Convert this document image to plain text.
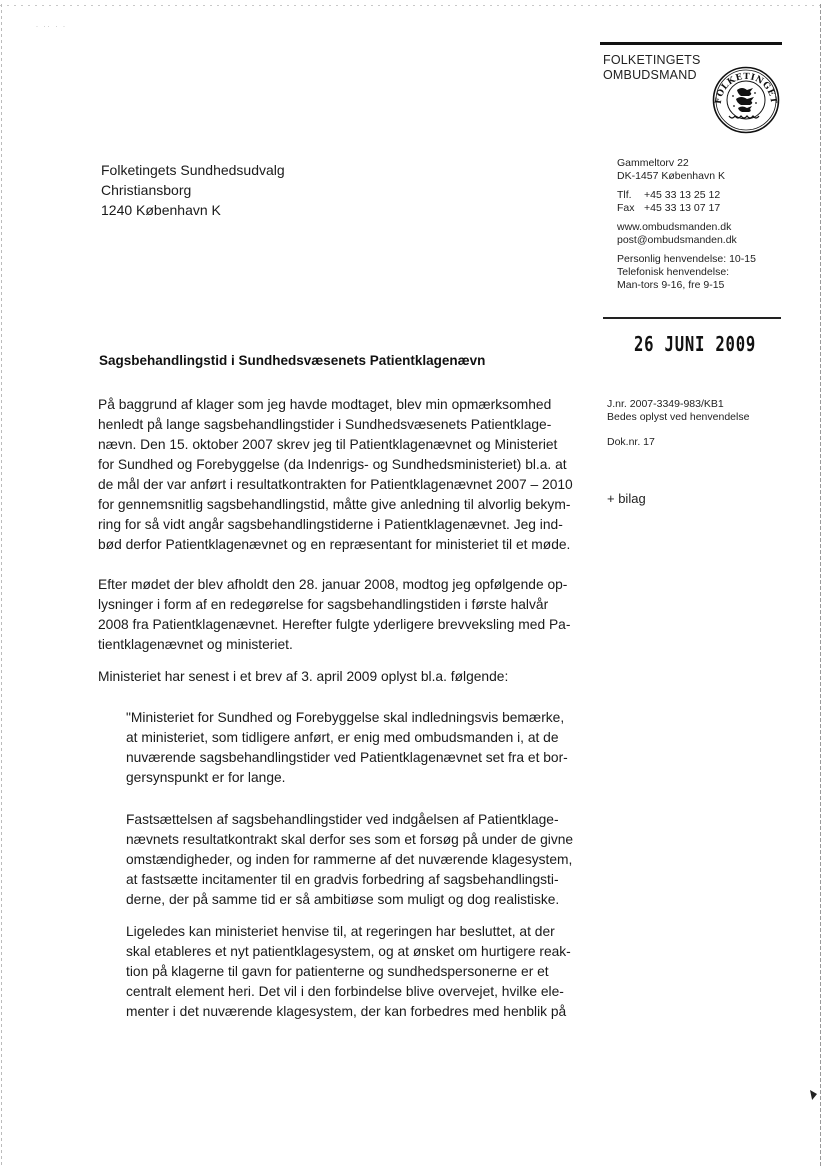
· ·· · ·
FOLKETINGETS
OMBUDSMAND
FOLKETINGET
Folketingets Sundhedsudvalg
Christiansborg
1240 København K
Gammeltorv 22
DK-1457 København K
Tlf. +45 33 13 25 12
Fax +45 33 13 07 17
www.ombudsmanden.dk
post@ombudsmanden.dk
Personlig henvendelse: 10-15
Telefonisk henvendelse:
Man-tors 9-16, fre 9-15
26 JUNI 2009
J.nr. 2007-3349-983/KB1
Bedes oplyst ved henvendelse
Dok.nr. 17
+ bilag
Sagsbehandlingstid i Sundhedsvæsenets Patientklagenævn
På baggrund af klager som jeg havde modtaget, blev min opmærksomhed
henledt på lange sagsbehandlingstider i Sundhedsvæsenets Patientklage-
nævn. Den 15. oktober 2007 skrev jeg til Patientklagenævnet og Ministeriet
for Sundhed og Forebyggelse (da Indenrigs- og Sundhedsministeriet) bl.a. at
de mål der var anført i resultatkontrakten for Patientklagenævnet 2007 – 2010
for gennemsnitlig sagsbehandlingstid, måtte give anledning til alvorlig bekym-
ring for så vidt angår sagsbehandlingstiderne i Patientklagenævnet. Jeg ind-
bød derfor Patientklagenævnet og en repræsentant for ministeriet til et møde.
Efter mødet der blev afholdt den 28. januar 2008, modtog jeg opfølgende op-
lysninger i form af en redegørelse for sagsbehandlingstiden i første halvår
2008 fra Patientklagenævnet. Herefter fulgte yderligere brevveksling med Pa-
tientklagenævnet og ministeriet.
Ministeriet har senest i et brev af 3. april 2009 oplyst bl.a. følgende:
"Ministeriet for Sundhed og Forebyggelse skal indledningsvis bemærke,
at ministeriet, som tidligere anført, er enig med ombudsmanden i, at de
nuværende sagsbehandlingstider ved Patientklagenævnet set fra et bor-
gersynspunkt er for lange.
Fastsættelsen af sagsbehandlingstider ved indgåelsen af Patientklage-
nævnets resultatkontrakt skal derfor ses som et forsøg på under de givne
omstændigheder, og inden for rammerne af det nuværende klagesystem,
at fastsætte incitamenter til en gradvis forbedring af sagsbehandlingsti-
derne, der på samme tid er så ambitiøse som muligt og dog realistiske.
Ligeledes kan ministeriet henvise til, at regeringen har besluttet, at der
skal etableres et nyt patientklagesystem, og at ønsket om hurtigere reak-
tion på klagerne til gavn for patienterne og sundhedspersonerne er et
centralt element heri. Det vil i den forbindelse blive overvejet, hvilke ele-
menter i det nuværende klagesystem, der kan forbedres med henblik på
